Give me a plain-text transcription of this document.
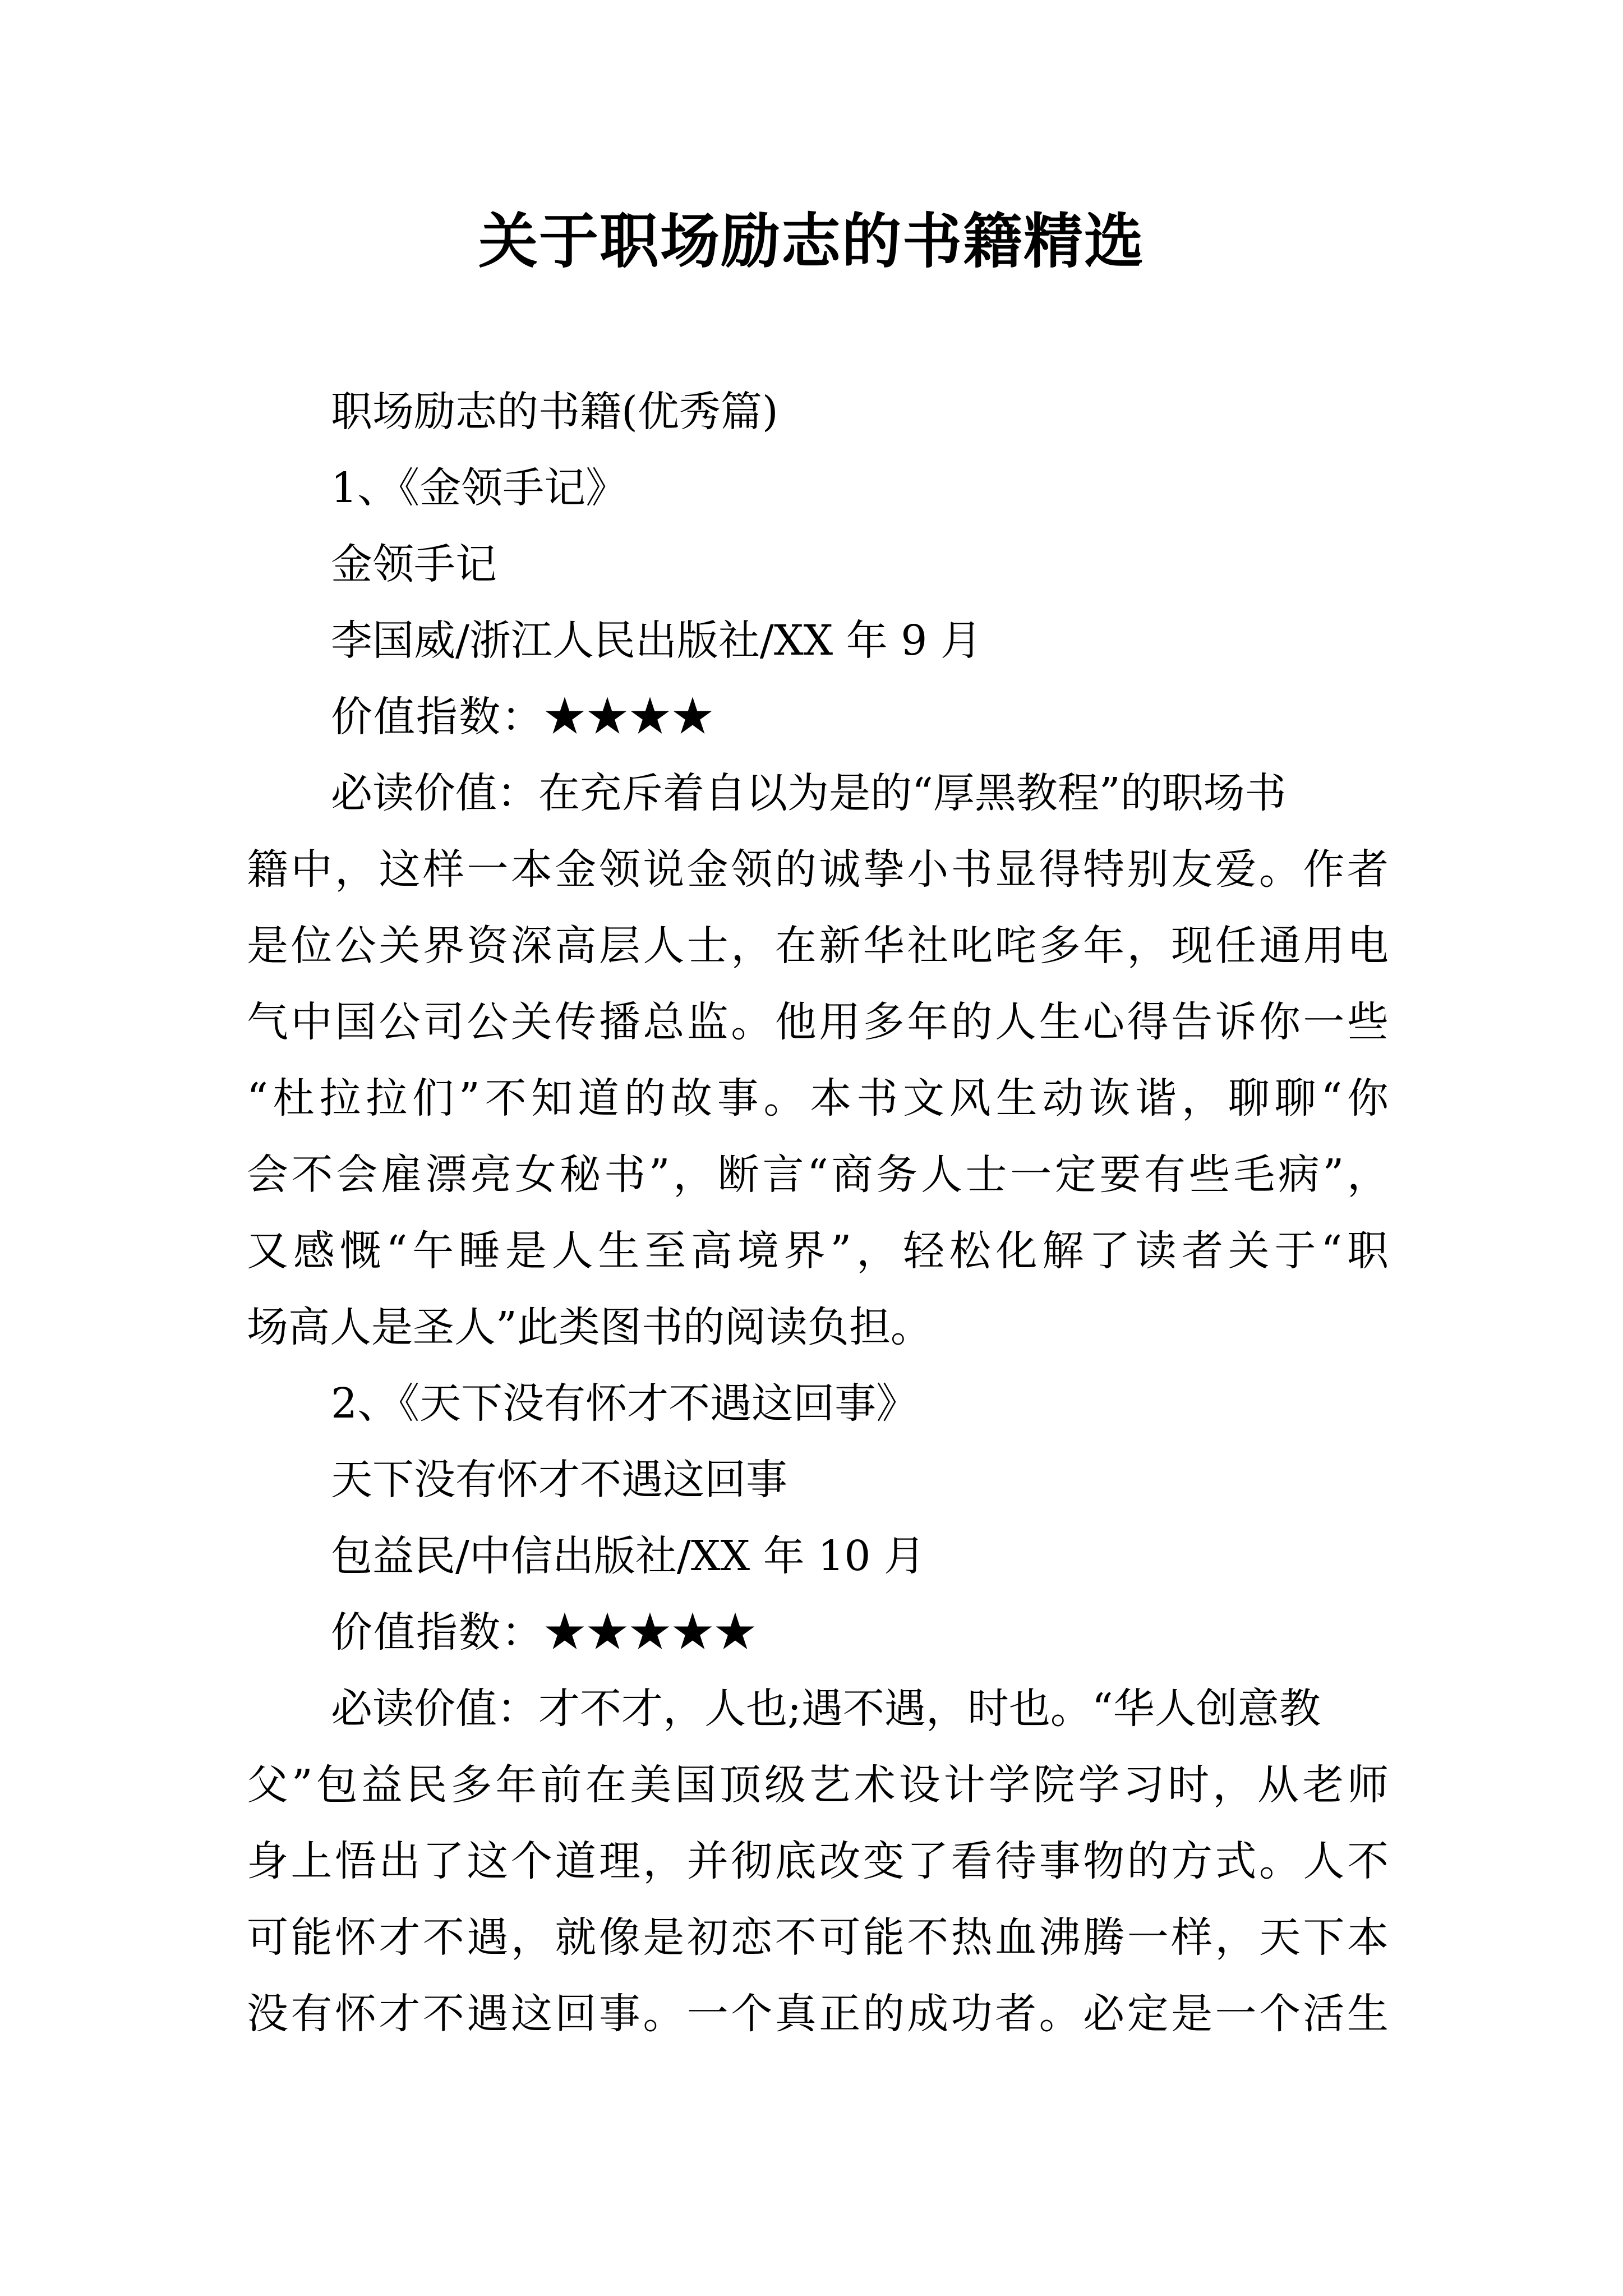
关于职场励志的书籍精选
职场励志的书籍(优秀篇)
1、《金领手记》
金领手记
李国威/浙江人民出版社/XX 年 9 月
价值指数：★★★★
必读价值：在充斥着自以为是的“厚黑教程”的职场书
籍中，这样一本金领说金领的诚挚小书显得特别友爱。作者
是位公关界资深高层人士，在新华社叱咤多年，现任通用电
气中国公司公关传播总监。他用多年的人生心得告诉你一些
“杜拉拉们”不知道的故事。本书文风生动诙谐，聊聊“你
会不会雇漂亮女秘书”，断言“商务人士一定要有些毛病”，
又感慨“午睡是人生至高境界”，轻松化解了读者关于“职
场高人是圣人”此类图书的阅读负担。
2、《天下没有怀才不遇这回事》
天下没有怀才不遇这回事
包益民/中信出版社/XX 年 10 月
价值指数：★★★★★
必读价值：才不才，人也;遇不遇，时也。“华人创意教
父”包益民多年前在美国顶级艺术设计学院学习时，从老师
身上悟出了这个道理，并彻底改变了看待事物的方式。人不
可能怀才不遇，就像是初恋不可能不热血沸腾一样，天下本
没有怀才不遇这回事。一个真正的成功者。必定是一个活生
